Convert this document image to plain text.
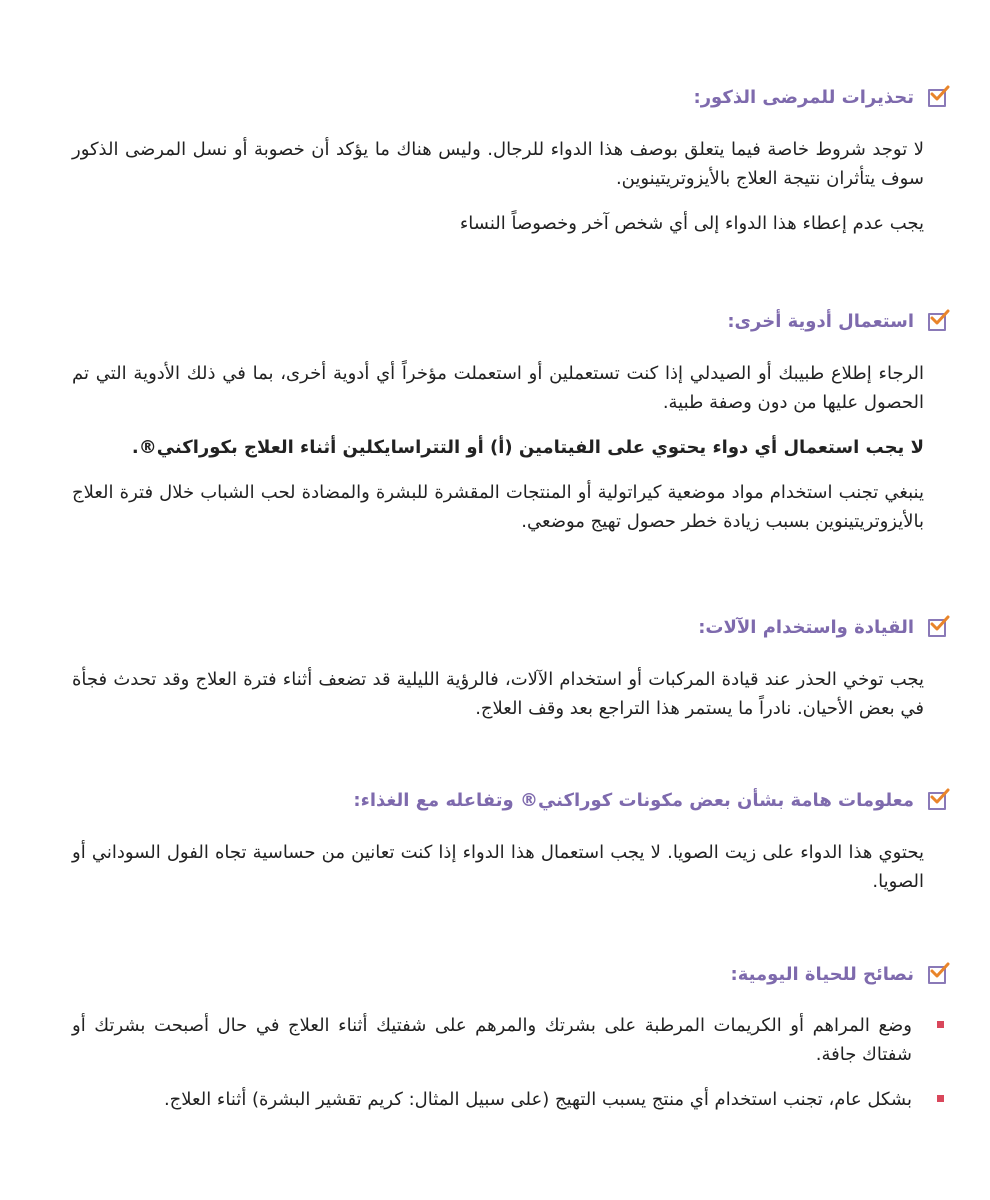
تحذيرات للمرضى الذكور:

لا توجد شروط خاصة فيما يتعلق بوصف هذا الدواء للرجال. وليس هناك ما يؤكد أن خصوبة أو نسل المرضى الذكور سوف يتأثران نتيجة العلاج بالأيزوتريتينوين.

يجب عدم إعطاء هذا الدواء إلى أي شخص آخر وخصوصاً النساء

استعمال أدوية أخرى:

الرجاء إطلاع طبيبك أو الصيدلي إذا كنت تستعملين أو استعملت مؤخراً أي أدوية أخرى، بما في ذلك الأدوية التي تم الحصول عليها من دون وصفة طبية.

لا يجب استعمال أي دواء يحتوي على الفيتامين (أ) أو التتراسايكلين أثناء العلاج بكوراكني®.

ينبغي تجنب استخدام مواد موضعية كيراتولية أو المنتجات المقشرة للبشرة والمضادة لحب الشباب خلال فترة العلاج بالأيزوتريتينوين بسبب زيادة خطر حصول تهيج موضعي.

القيادة واستخدام الآلات:

يجب توخي الحذر عند قيادة المركبات أو استخدام الآلات، فالرؤية الليلية قد تضعف أثناء فترة العلاج وقد تحدث فجأة في بعض الأحيان. نادراً ما يستمر هذا التراجع بعد وقف العلاج.

معلومات هامة بشأن بعض مكونات كوراكني® وتفاعله مع الغذاء:

يحتوي هذا الدواء على زيت الصويا. لا يجب استعمال هذا الدواء إذا كنت تعانين من حساسية تجاه الفول السوداني أو الصويا.

نصائح للحياة اليومية:
وضع المراهم أو الكريمات المرطبة على بشرتك والمرهم على شفتيك أثناء العلاج في حال أصبحت بشرتك أو شفتاك جافة.
بشكل عام، تجنب استخدام أي منتج يسبب التهيج (على سبيل المثال: كريم تقشير البشرة) أثناء العلاج.
